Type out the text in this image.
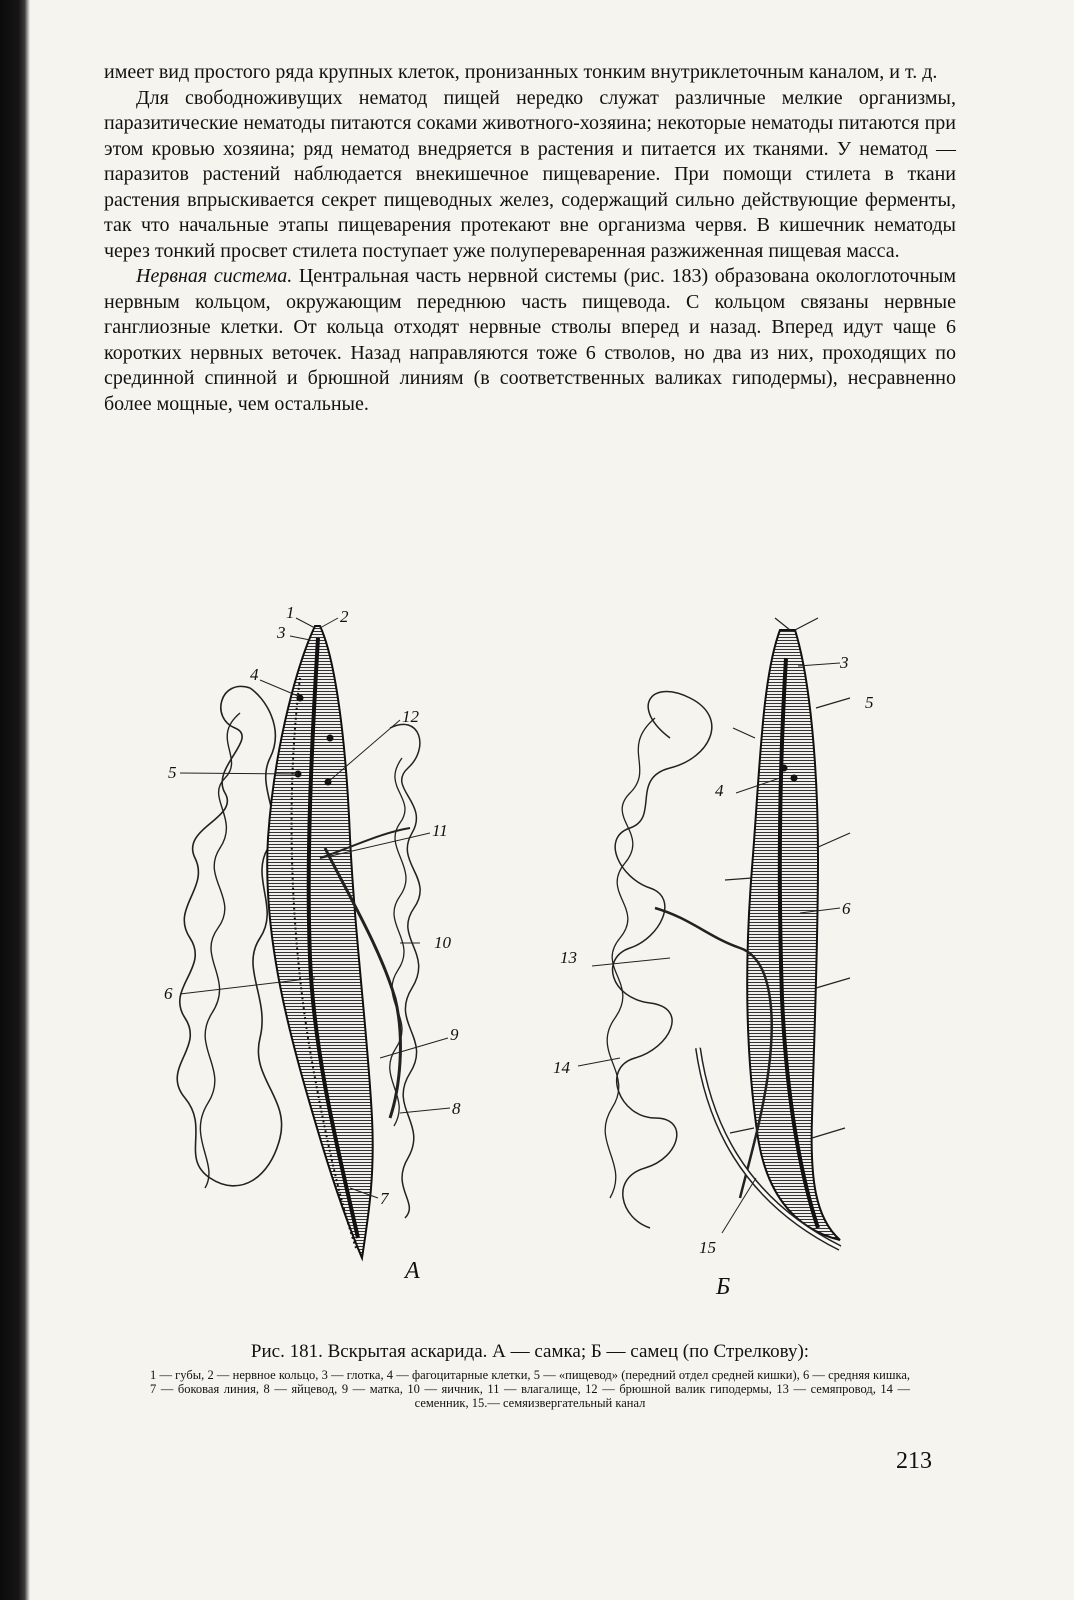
имеет вид простого ряда крупных клеток, пронизанных тонким внутриклеточным каналом, и т. д.

Для свободноживущих нематод пищей нередко служат различные мелкие организмы, паразитические нематоды питаются соками животного-хозяина; некоторые нематоды питаются при этом кровью хозяина; ряд нематод внедряется в растения и питается их тканями. У нематод — паразитов растений наблюдается внекишечное пищеварение. При помощи стилета в ткани растения впрыскивается секрет пищеводных желез, содержащий сильно действующие ферменты, так что начальные этапы пищеварения протекают вне организма червя. В кишечник нематоды через тонкий просвет стилета поступает уже полупереваренная разжиженная пищевая масса.

Нервная система. Центральная часть нервной системы (рис. 183) образована окологлоточным нервным кольцом, окружающим переднюю часть пищевода. С кольцом связаны нервные ганглиозные клетки. От кольца отходят нервные стволы вперед и назад. Вперед идут чаще 6 коротких нервных веточек. Назад направляются тоже 6 стволов, но два из них, проходящих по срединной спинной и брюшной линиям (в соответственных валиках гиподермы), несравненно более мощные, чем остальные.

1	2
3
4
5
12
11
10
6
9
8
7
А
3
5
4
6
13
14
15
Б
Рис. 181. Вскрытая аскарида. А — самка; Б — самец (по Стрелкову):
1 — губы, 2 — нервное кольцо, 3 — глотка, 4 — фагоцитарные клетки, 5 — «пищевод» (передний отдел средней кишки), 6 — средняя кишка, 7 — боковая линия, 8 — яйцевод, 9 — матка, 10 — яичник, 11 — влагалище, 12 — брюшной валик гиподермы, 13 — семяпровод, 14 — семенник, 15.— семяизвергательный канал
213
